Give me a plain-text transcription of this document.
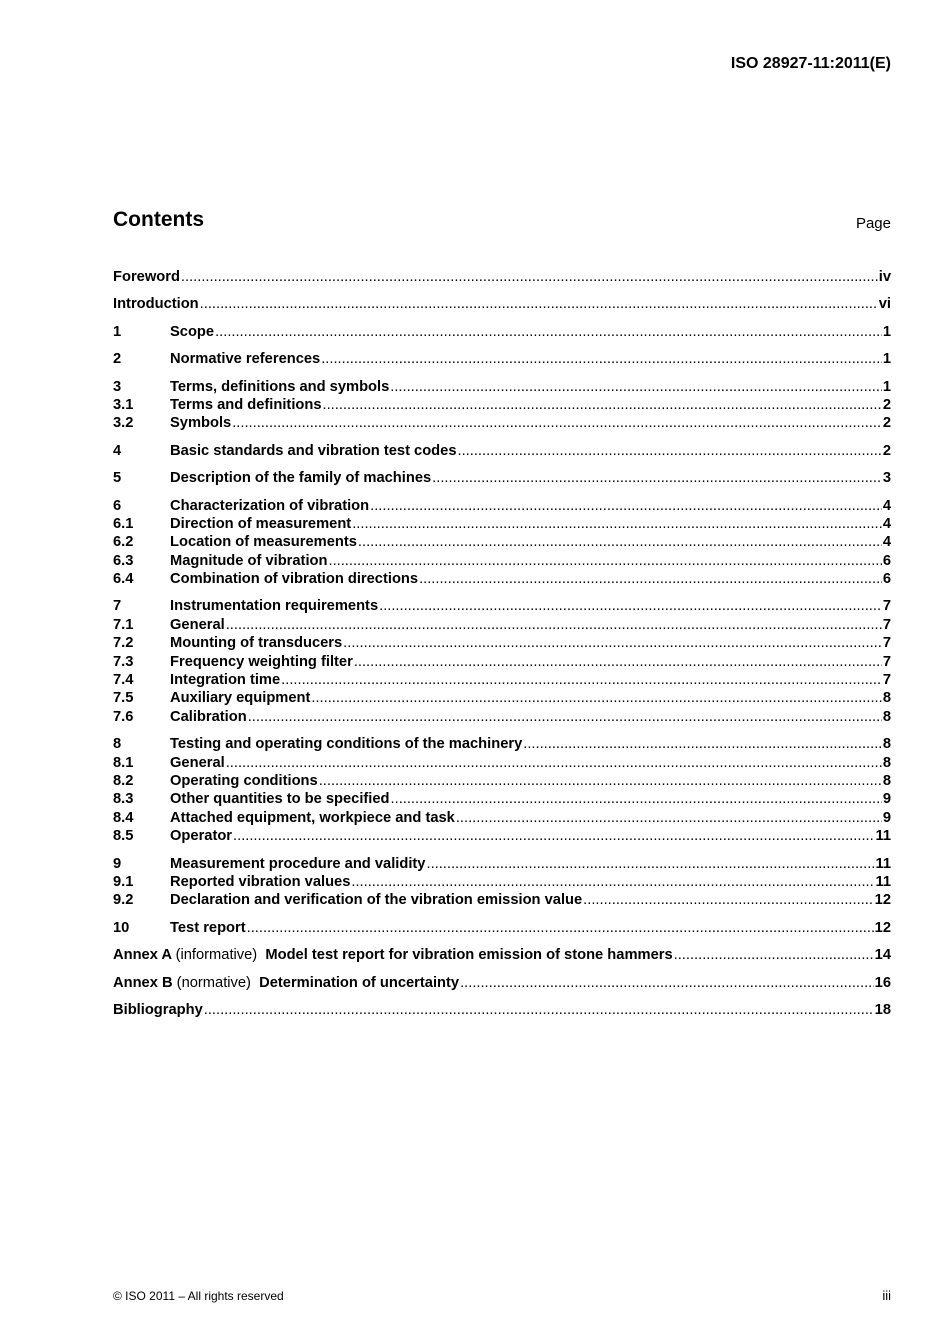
ISO 28927-11:2011(E)
Contents	Page
Foreword .....	iv
Introduction .....	vi
1	Scope .....	1
2	Normative references .....	1
3	Terms, definitions and symbols .....	1
3.1	Terms and definitions .....	2
3.2	Symbols .....	2
4	Basic standards and vibration test codes .....	2
5	Description of the family of machines .....	3
6	Characterization of vibration .....	4
6.1	Direction of measurement .....	4
6.2	Location of measurements .....	4
6.3	Magnitude of vibration .....	6
6.4	Combination of vibration directions .....	6
7	Instrumentation requirements .....	7
7.1	General .....	7
7.2	Mounting of transducers .....	7
7.3	Frequency weighting filter .....	7
7.4	Integration time .....	7
7.5	Auxiliary equipment .....	8
7.6	Calibration .....	8
8	Testing and operating conditions of the machinery .....	8
8.1	General .....	8
8.2	Operating conditions .....	8
8.3	Other quantities to be specified .....	9
8.4	Attached equipment, workpiece and task .....	9
8.5	Operator .....	11
9	Measurement procedure and validity .....	11
9.1	Reported vibration values .....	11
9.2	Declaration and verification of the vibration emission value .....	12
10	Test report .....	12
Annex A (informative) Model test report for vibration emission of stone hammers .....	14
Annex B (normative) Determination of uncertainty .....	16
Bibliography .....	18
© ISO 2011 – All rights reserved	iii
